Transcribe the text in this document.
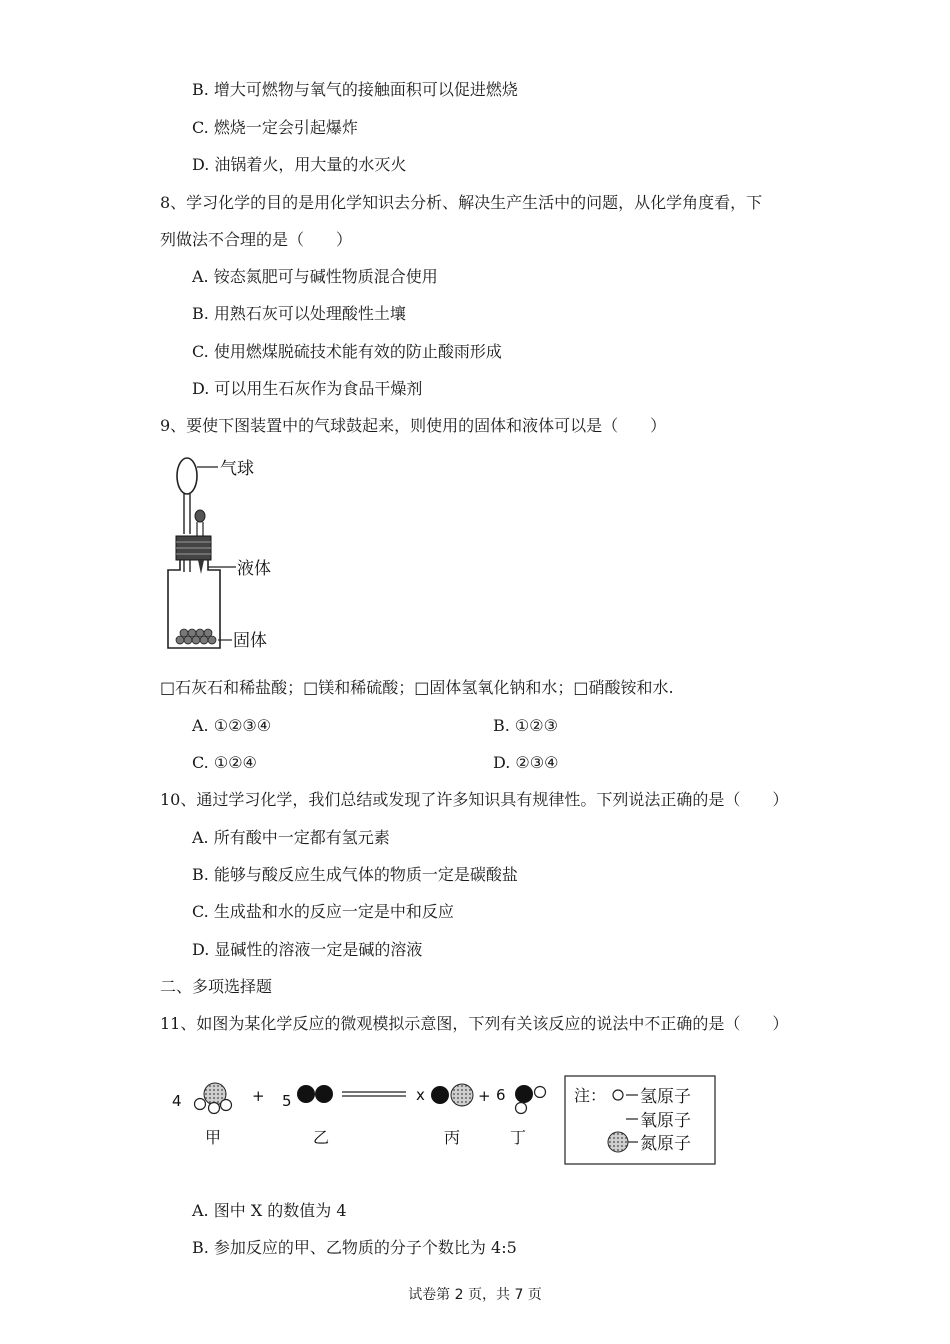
B. 增大可燃物与氧气的接触面积可以促进燃烧
C. 燃烧一定会引起爆炸
D. 油锅着火，用大量的水灭火
8、学习化学的目的是用化学知识去分析、解决生产生活中的问题，从化学角度看，下
列做法不合理的是（　　）
A. 铵态氮肥可与碱性物质混合使用
B. 用熟石灰可以处理酸性土壤
C. 使用燃煤脱硫技术能有效的防止酸雨形成
D. 可以用生石灰作为食品干燥剂
9、要使下图装置中的气球鼓起来，则使用的固体和液体可以是（　　）
气球
液体
固体
□石灰石和稀盐酸；□镁和稀硫酸；□固体氢氧化钠和水；□硝酸铵和水.
A. ①②③④	B. ①②③
C. ①②④	D. ②③④
10、通过学习化学，我们总结或发现了许多知识具有规律性。下列说法正确的是（　　）
A. 所有酸中一定都有氢元素
B. 能够与酸反应生成气体的物质一定是碳酸盐
C. 生成盐和水的反应一定是中和反应
D. 显碱性的溶液一定是碱的溶液
二、多项选择题
11、如图为某化学反应的微观模拟示意图，下列有关该反应的说法中不正确的是（　　）
4
甲
+ 5
乙
x
丙
+ 6
丁
注： 氢原子
氧原子
氮原子
A. 图中 X 的数值为 4
B. 参加反应的甲、乙物质的分子个数比为 4:5
试卷第 2 页，共 7 页
